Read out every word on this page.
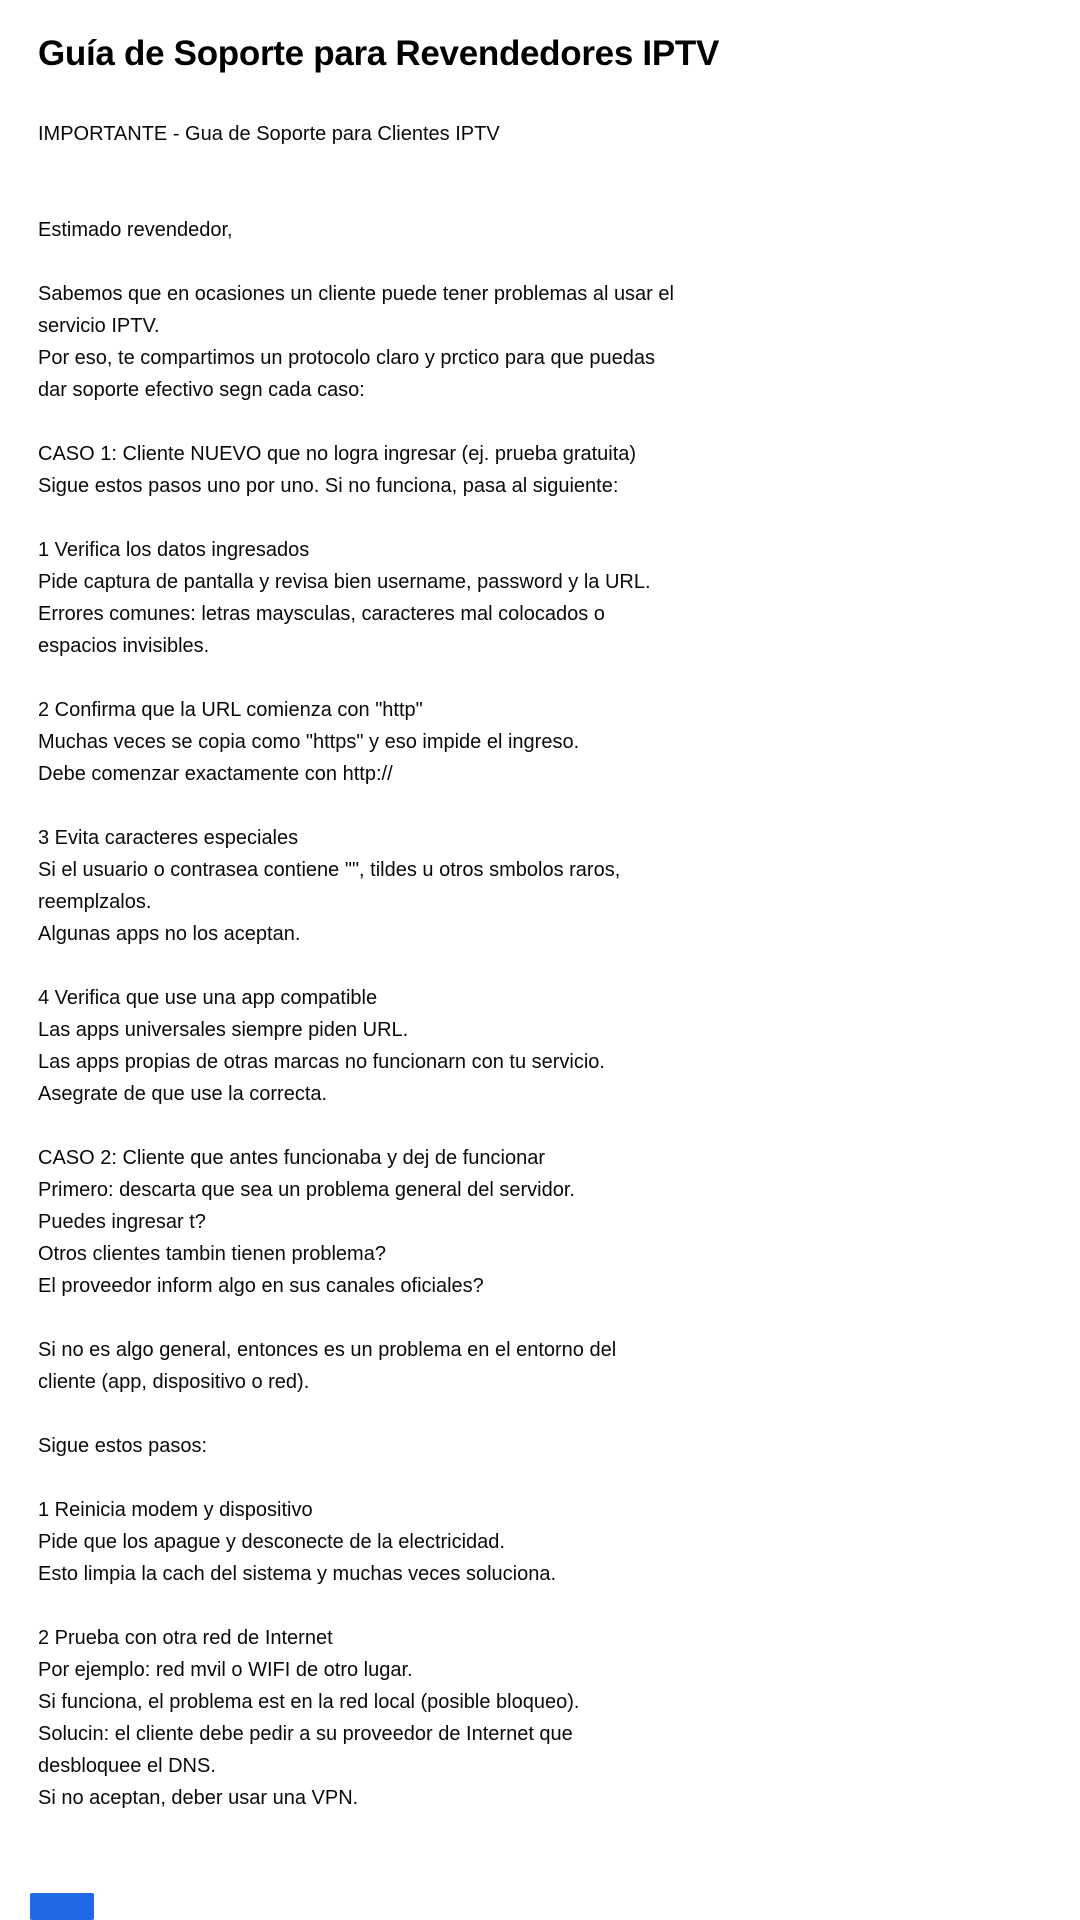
Guía de Soporte para Revendedores IPTV
IMPORTANTE - Gua de Soporte para Clientes IPTV
Estimado revendedor,
Sabemos que en ocasiones un cliente puede tener problemas al usar el
servicio IPTV.
Por eso, te compartimos un protocolo claro y prctico para que puedas
dar soporte efectivo segn cada caso:
CASO 1: Cliente NUEVO que no logra ingresar (ej. prueba gratuita)
Sigue estos pasos uno por uno. Si no funciona, pasa al siguiente:
1 Verifica los datos ingresados
Pide captura de pantalla y revisa bien username, password y la URL.
Errores comunes: letras maysculas, caracteres mal colocados o
espacios invisibles.
2 Confirma que la URL comienza con "http"
Muchas veces se copia como "https" y eso impide el ingreso.
Debe comenzar exactamente con http://
3 Evita caracteres especiales
Si el usuario o contrasea contiene "", tildes u otros smbolos raros,
reemplzalos.
Algunas apps no los aceptan.
4 Verifica que use una app compatible
Las apps universales siempre piden URL.
Las apps propias de otras marcas no funcionarn con tu servicio.
Asegrate de que use la correcta.
CASO 2: Cliente que antes funcionaba y dej de funcionar
Primero: descarta que sea un problema general del servidor.
Puedes ingresar t?
Otros clientes tambin tienen problema?
El proveedor inform algo en sus canales oficiales?
Si no es algo general, entonces es un problema en el entorno del
cliente (app, dispositivo o red).
Sigue estos pasos:
1 Reinicia modem y dispositivo
Pide que los apague y desconecte de la electricidad.
Esto limpia la cach del sistema y muchas veces soluciona.
2 Prueba con otra red de Internet
Por ejemplo: red mvil o WIFI de otro lugar.
Si funciona, el problema est en la red local (posible bloqueo).
Solucin: el cliente debe pedir a su proveedor de Internet que
desbloquee el DNS.
Si no aceptan, deber usar una VPN.
